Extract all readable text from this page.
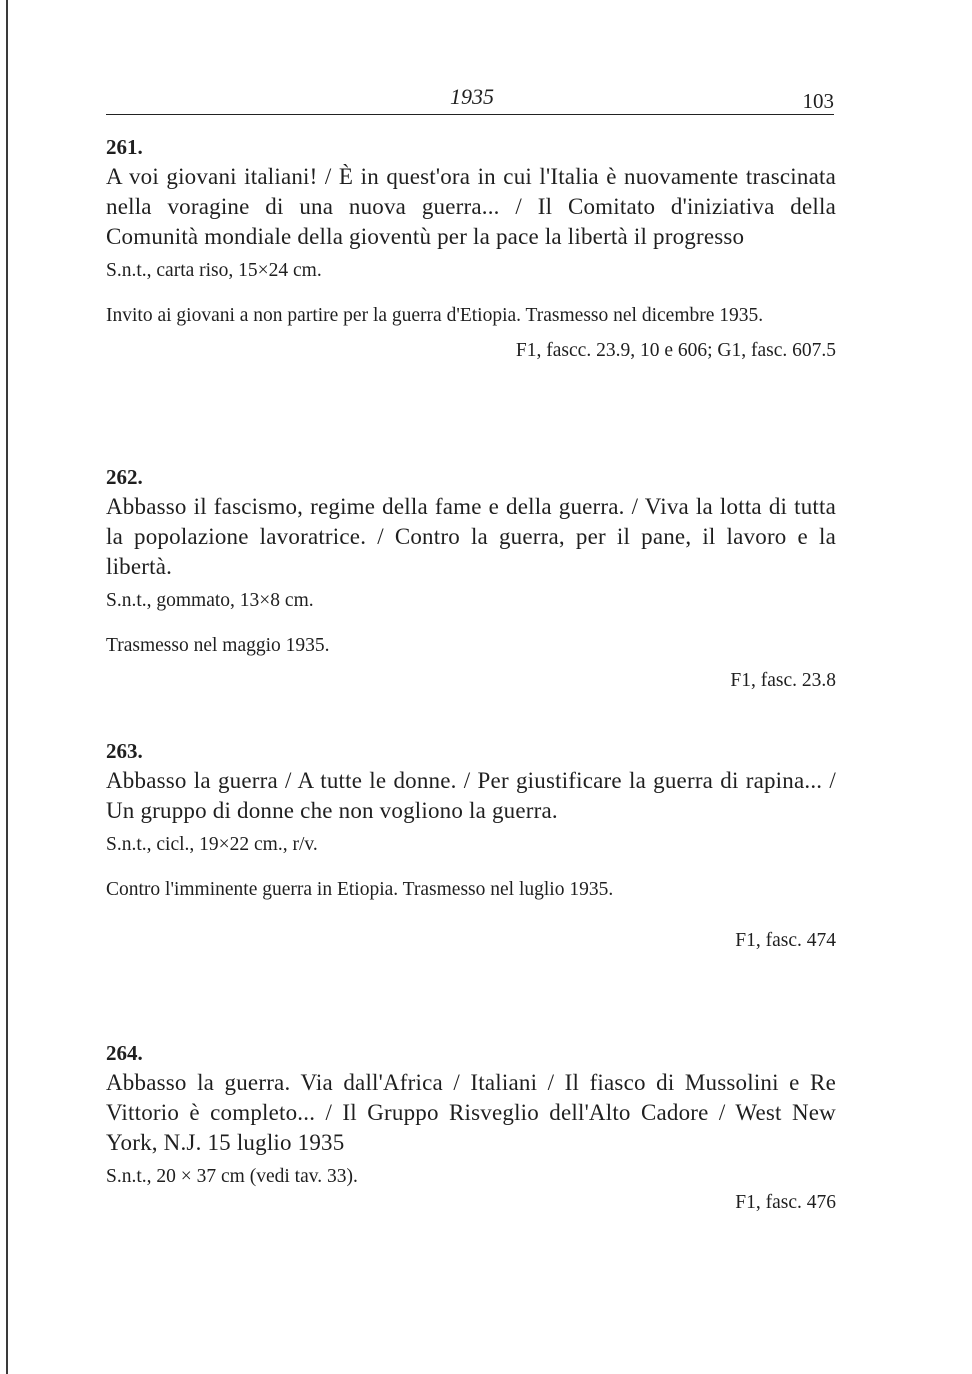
1935	103
261.
A voi giovani italiani! / È in quest'ora in cui l'Italia è nuovamente trascinata nella voragine di una nuova guerra... / Il Comitato d'iniziativa della Comunità mondiale della gioventù per la pace la libertà il progresso
S.n.t., carta riso, 15×24 cm.
Invito ai giovani a non partire per la guerra d'Etiopia. Trasmesso nel dicembre 1935.
F1, fascc. 23.9, 10 e 606; G1, fasc. 607.5
262.
Abbasso il fascismo, regime della fame e della guerra. / Viva la lotta di tutta la popolazione lavoratrice. / Contro la guerra, per il pane, il lavoro e la libertà.
S.n.t., gommato, 13×8 cm.
Trasmesso nel maggio 1935.
F1, fasc. 23.8
263.
Abbasso la guerra / A tutte le donne. / Per giustificare la guerra di rapina... / Un gruppo di donne che non vogliono la guerra.
S.n.t., cicl., 19×22 cm., r/v.
Contro l'imminente guerra in Etiopia. Trasmesso nel luglio 1935.
F1, fasc. 474
264.
Abbasso la guerra. Via dall'Africa / Italiani / Il fiasco di Mussolini e Re Vittorio è completo... / Il Gruppo Risveglio dell'Alto Cadore / West New York, N.J. 15 luglio 1935
S.n.t., 20 × 37 cm (vedi tav. 33).
F1, fasc. 476
